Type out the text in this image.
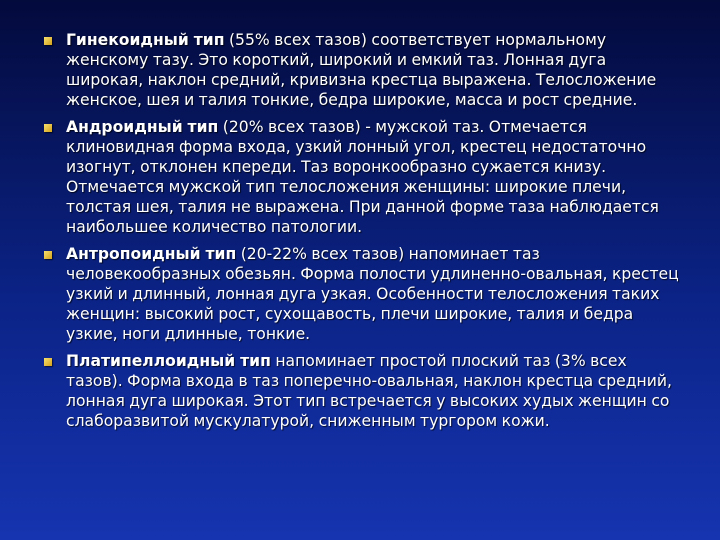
Гинекоидный тип (55% всех тазов) соответствует нормальному женскому тазу. Это короткий, широкий и емкий таз. Лонная дуга широкая, наклон средний, кривизна крестца выражена. Телосложение женское, шея и талия тонкие, бедра широкие, масса и рост средние.
Андроидный тип (20% всех тазов) - мужской таз. Отмечается клиновидная форма входа, узкий лонный угол, крестец недостаточно изогнут, отклонен кпереди. Таз воронкообразно сужается книзу. Отмечается мужской тип телосложения женщины: широкие плечи, толстая шея, талия не выражена. При данной форме таза наблюдается наибольшее количество патологии.
Антропоидный тип (20-22% всех тазов) напоминает таз человекообразных обезьян. Форма полости удлиненно-овальная, крестец узкий и длинный, лонная дуга узкая. Особенности телосложения таких женщин: высокий рост, сухощавость, плечи широкие, талия и бедра узкие, ноги длинные, тонкие.
Платипеллоидный тип напоминает простой плоский таз (3% всех тазов). Форма входа в таз поперечно-овальная, наклон крестца средний, лонная дуга широкая. Этот тип встречается у высоких худых женщин со слаборазвитой мускулатурой, сниженным тургором кожи.
